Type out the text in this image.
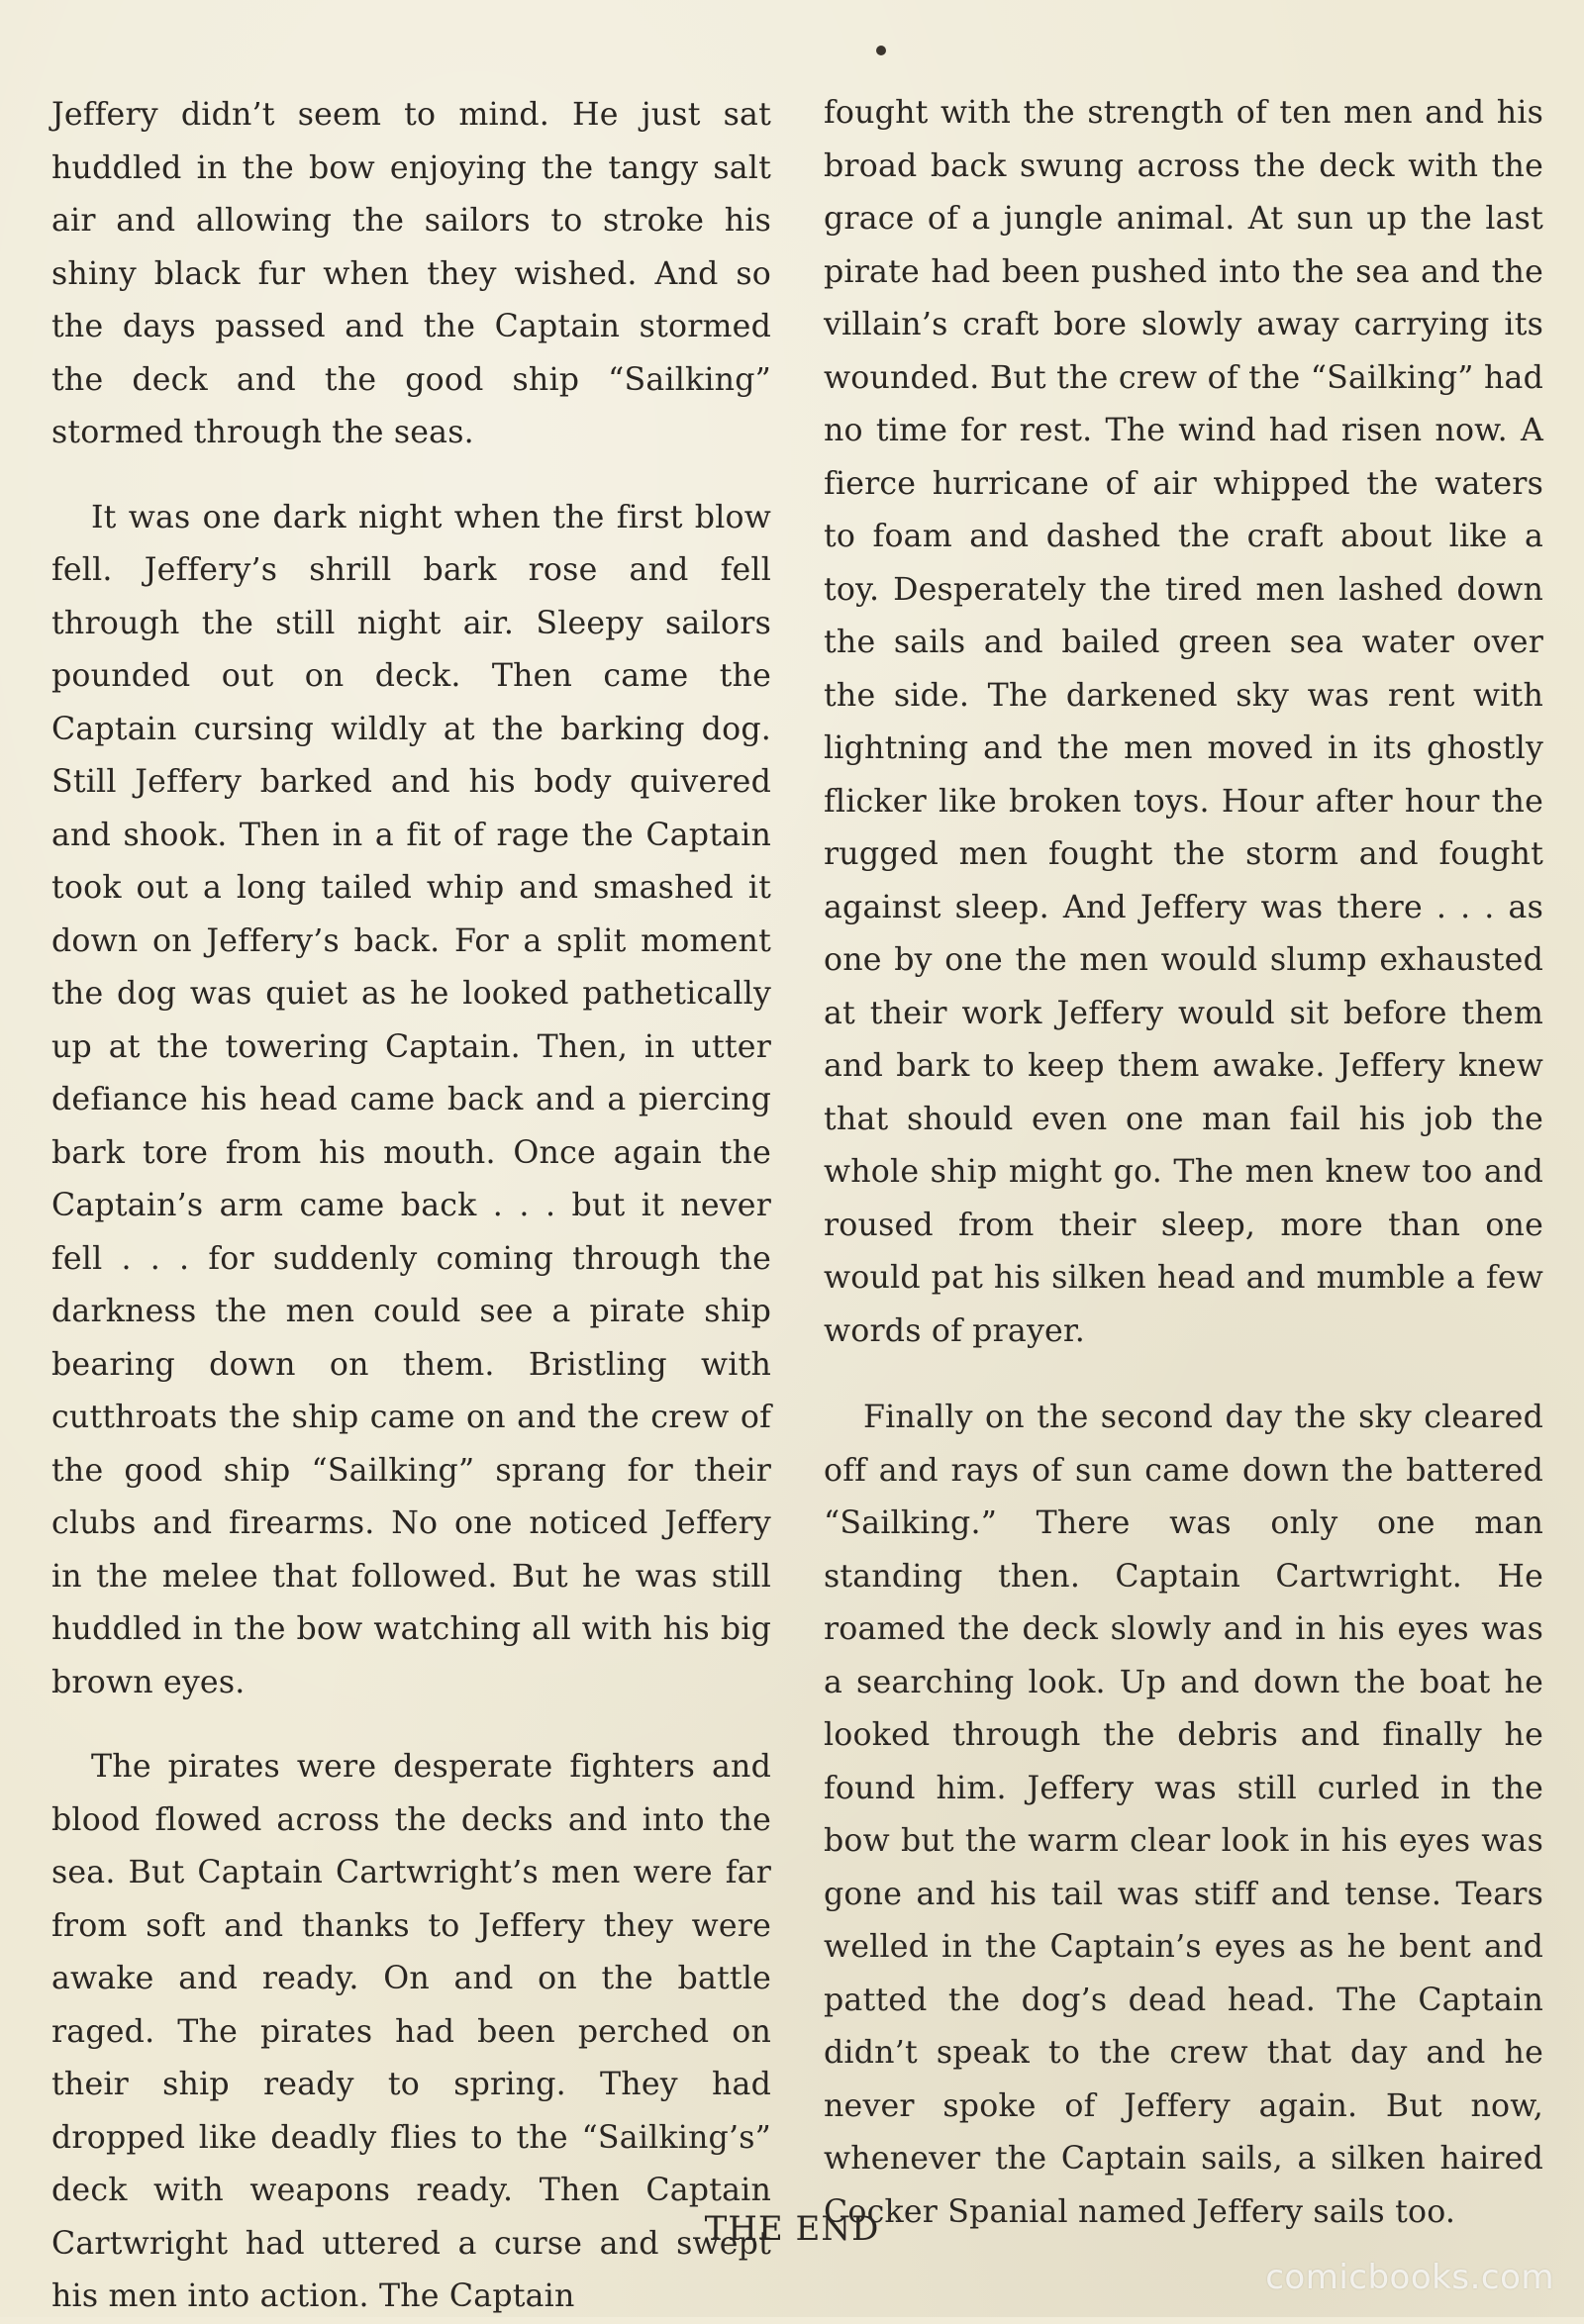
Jeffery didn’t seem to mind. He just sat huddled in the bow enjoying the tangy salt air and allowing the sailors to stroke his shiny black fur when they wished. And so the days passed and the Captain stormed the deck and the good ship “Sailking” stormed through the seas.

It was one dark night when the first blow fell. Jeffery’s shrill bark rose and fell through the still night air. Sleepy sailors pounded out on deck. Then came the Captain cursing wildly at the barking dog. Still Jeffery barked and his body quivered and shook. Then in a fit of rage the Captain took out a long tailed whip and smashed it down on Jeffery’s back. For a split moment the dog was quiet as he looked pathetically up at the towering Captain. Then, in utter defiance his head came back and a piercing bark tore from his mouth. Once again the Captain’s arm came back . . . but it never fell . . . for suddenly coming through the darkness the men could see a pirate ship bearing down on them. Bristling with cutthroats the ship came on and the crew of the good ship “Sailking” sprang for their clubs and firearms. No one noticed Jeffery in the melee that followed. But he was still huddled in the bow watching all with his big brown eyes.

The pirates were desperate fighters and blood flowed across the decks and into the sea. But Captain Cartwright’s men were far from soft and thanks to Jeffery they were awake and ready. On and on the battle raged. The pirates had been perched on their ship ready to spring. They had dropped like deadly flies to the “Sailking’s” deck with weapons ready. Then Captain Cartwright had uttered a curse and swept his men into action. The Captain

fought with the strength of ten men and his broad back swung across the deck with the grace of a jungle animal. At sun up the last pirate had been pushed into the sea and the villain’s craft bore slowly away carrying its wounded. But the crew of the “Sailking” had no time for rest. The wind had risen now. A fierce hurricane of air whipped the waters to foam and dashed the craft about like a toy. Desperately the tired men lashed down the sails and bailed green sea water over the side. The darkened sky was rent with lightning and the men moved in its ghostly flicker like broken toys. Hour after hour the rugged men fought the storm and fought against sleep. And Jeffery was there . . . as one by one the men would slump exhausted at their work Jeffery would sit before them and bark to keep them awake. Jeffery knew that should even one man fail his job the whole ship might go. The men knew too and roused from their sleep, more than one would pat his silken head and mumble a few words of prayer.

Finally on the second day the sky cleared off and rays of sun came down the battered “Sailking.” There was only one man standing then. Captain Cartwright. He roamed the deck slowly and in his eyes was a searching look. Up and down the boat he looked through the debris and finally he found him. Jeffery was still curled in the bow but the warm clear look in his eyes was gone and his tail was stiff and tense. Tears welled in the Captain’s eyes as he bent and patted the dog’s dead head. The Captain didn’t speak to the crew that day and he never spoke of Jeffery again. But now, whenever the Captain sails, a silken haired Cocker Spanial named Jeffery sails too.

THE END
comicbooks.com
